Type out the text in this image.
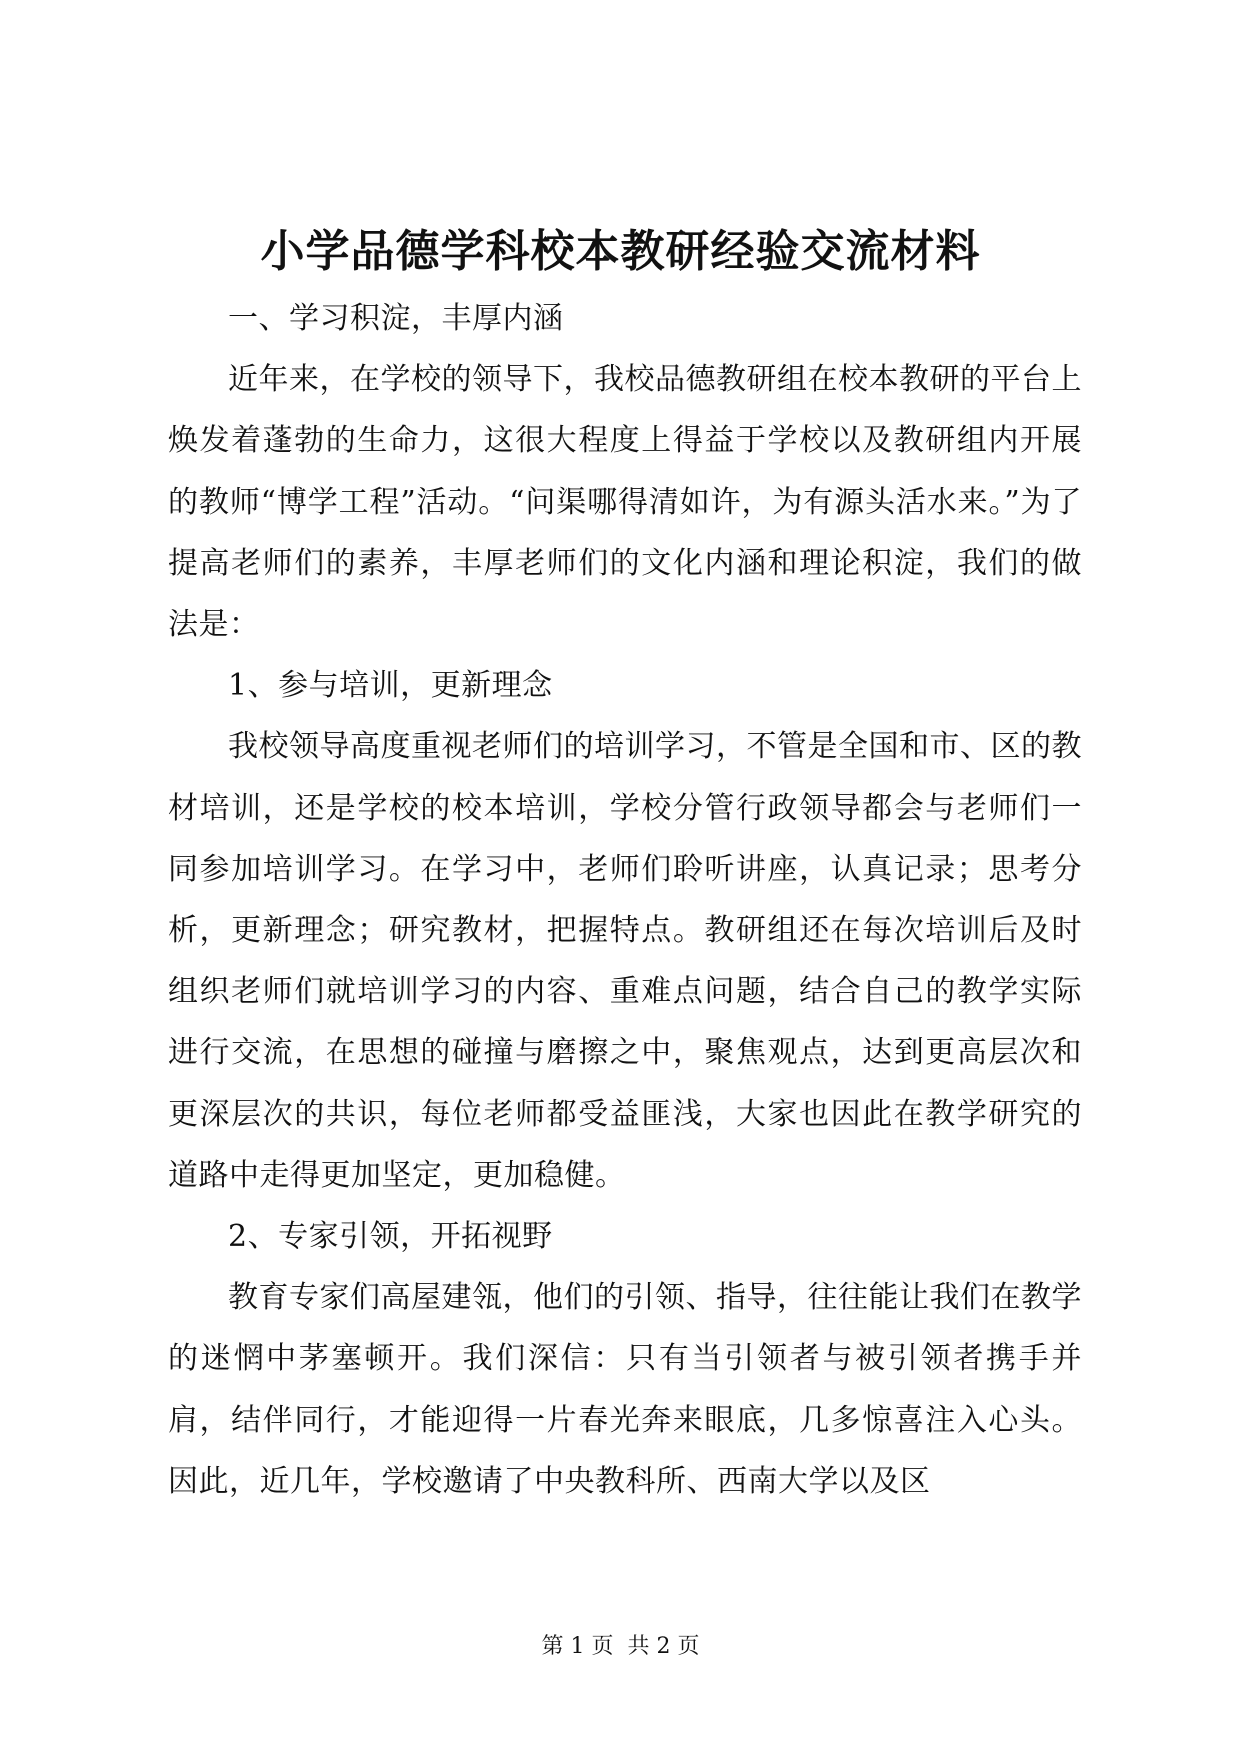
小学品德学科校本教研经验交流材料

一、学习积淀，丰厚内涵

近年来，在学校的领导下，我校品德教研组在校本教研的平台上焕发着蓬勃的生命力，这很大程度上得益于学校以及教研组内开展的教师“博学工程”活动。“问渠哪得清如许，为有源头活水来。”为了提高老师们的素养，丰厚老师们的文化内涵和理论积淀，我们的做法是：

1、参与培训，更新理念

我校领导高度重视老师们的培训学习，不管是全国和市、区的教材培训，还是学校的校本培训，学校分管行政领导都会与老师们一同参加培训学习。在学习中，老师们聆听讲座，认真记录；思考分析，更新理念；研究教材，把握特点。教研组还在每次培训后及时组织老师们就培训学习的内容、重难点问题，结合自己的教学实际进行交流，在思想的碰撞与磨擦之中，聚焦观点，达到更高层次和更深层次的共识，每位老师都受益匪浅，大家也因此在教学研究的道路中走得更加坚定，更加稳健。

2、专家引领，开拓视野

教育专家们高屋建瓴，他们的引领、指导，往往能让我们在教学的迷惘中茅塞顿开。我们深信：只有当引领者与被引领者携手并肩，结伴同行，才能迎得一片春光奔来眼底，几多惊喜注入心头。因此，近几年，学校邀请了中央教科所、西南大学以及区

第 1 页  共 2 页
